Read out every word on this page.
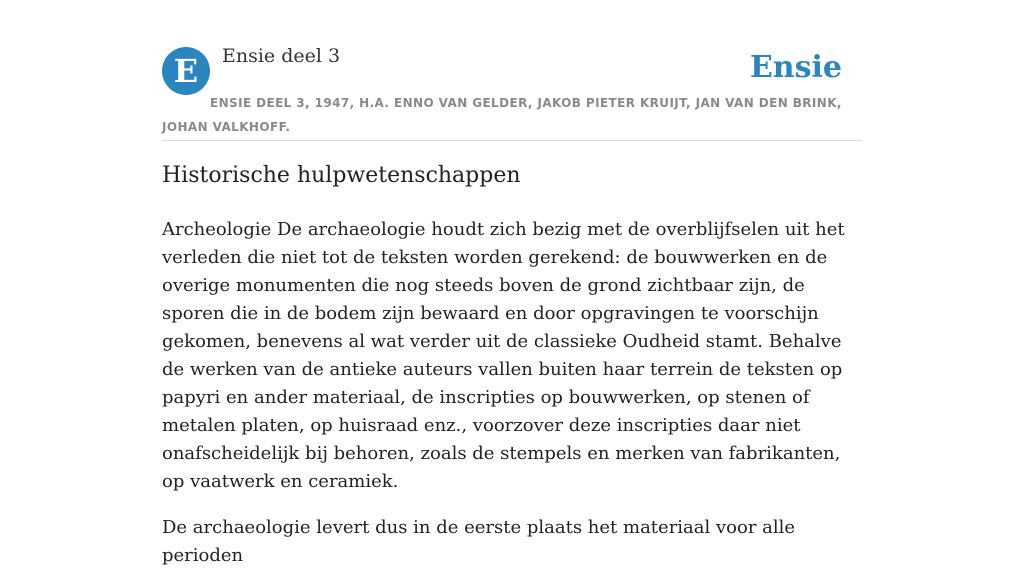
E	Ensie deel 3	Ensie
ENSIE DEEL 3, 1947, H.A. ENNO VAN GELDER, JAKOB PIETER KRUIJT, JAN VAN DEN BRINK, JOHAN VALKHOFF.
Historische hulpwetenschappen

Archeologie De archaeologie houdt zich bezig met de overblijfselen uit het verleden die niet tot de teksten worden gerekend: de bouwwerken en de overige monumenten die nog steeds boven de grond zichtbaar zijn, de sporen die in de bodem zijn bewaard en door opgravingen te voorschijn gekomen, benevens al wat verder uit de classieke Oudheid stamt. Behalve de werken van de antieke auteurs vallen buiten haar terrein de teksten op papyri en ander materiaal, de inscripties op bouwwerken, op stenen of metalen platen, op huisraad enz., voorzover deze inscripties daar niet onafscheidelijk bij behoren, zoals de stempels en merken van fabrikanten, op vaatwerk en ceramiek.

De archaeologie levert dus in de eerste plaats het materiaal voor alle perioden
